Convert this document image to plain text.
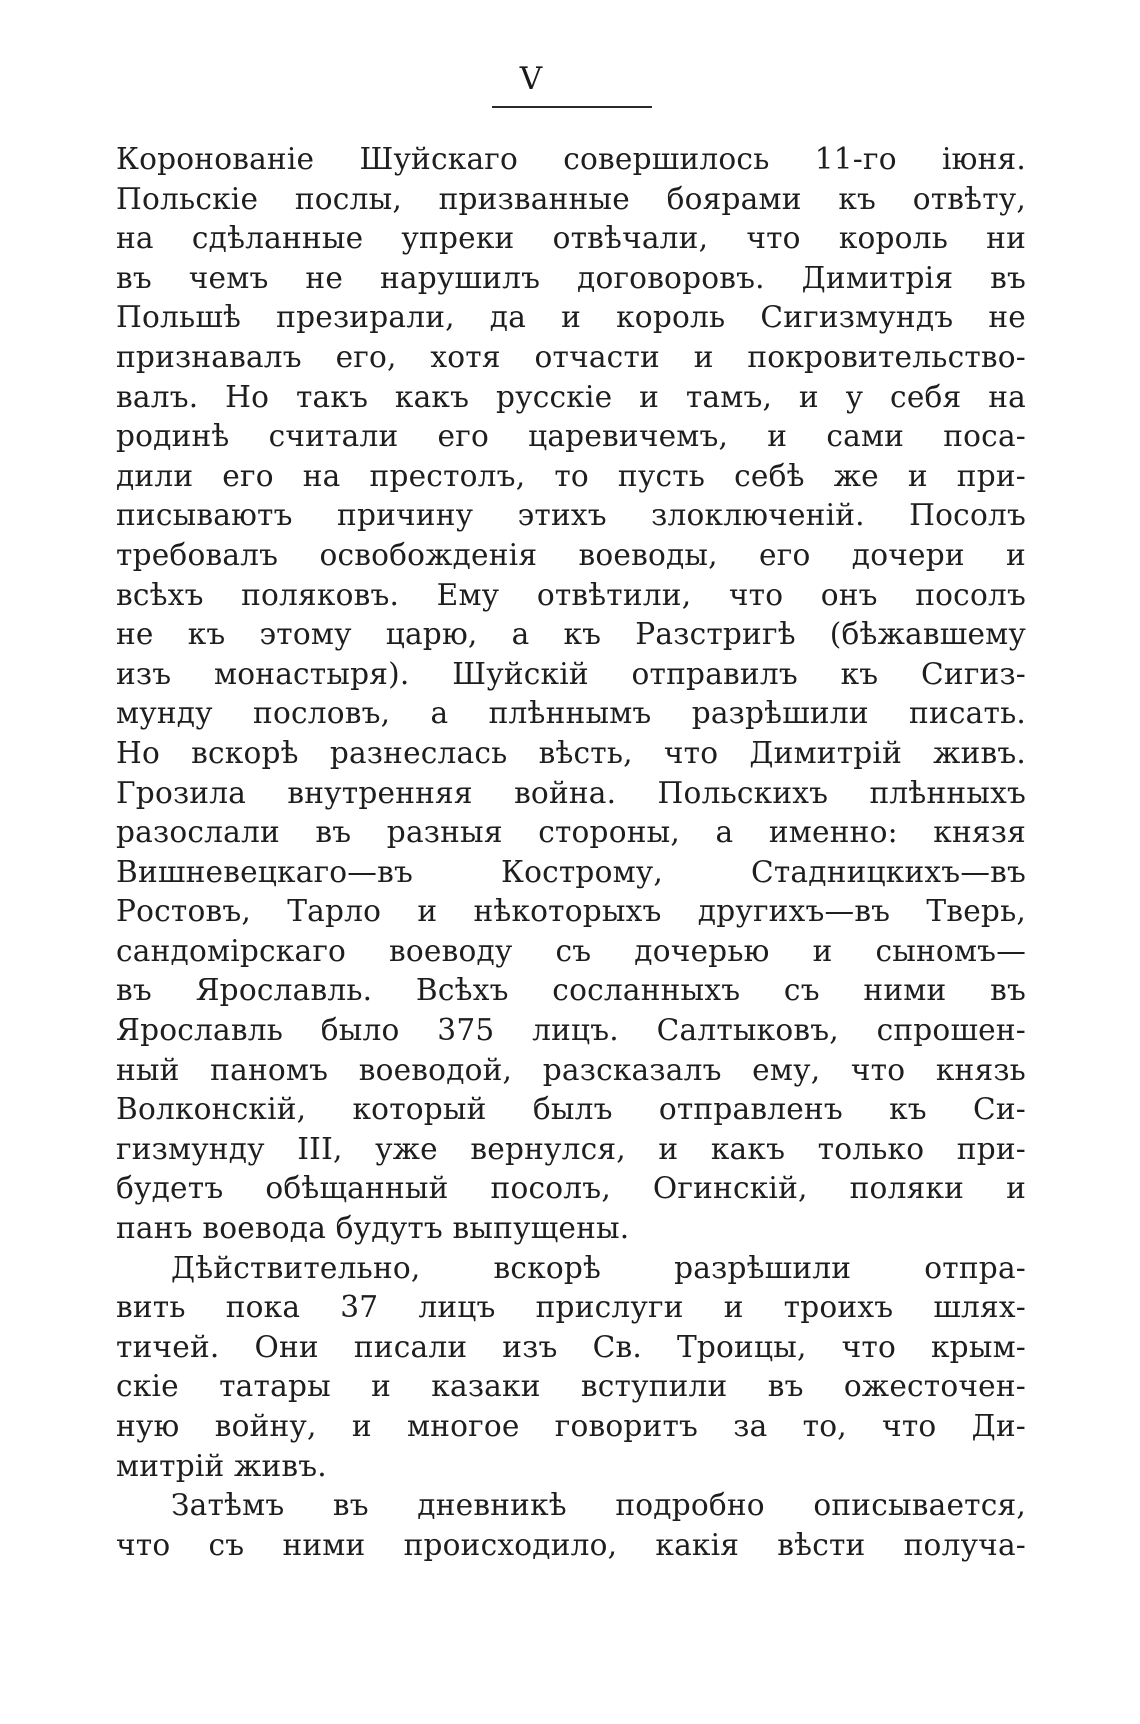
V
Коронованіе Шуйскаго совершилось 11-го іюня.
Польскіе послы, призванные боярами къ отвѣту,
на сдѣланные упреки отвѣчали, что король ни
въ чемъ не нарушилъ договоровъ. Димитрія въ
Польшѣ презирали, да и король Сигизмундъ не
признавалъ его, хотя отчасти и покровительство-
валъ. Но такъ какъ русскіе и тамъ, и у себя на
родинѣ считали его царевичемъ, и сами поса-
дили его на престолъ, то пусть себѣ же и при-
писываютъ причину этихъ злоключеній. Посолъ
требовалъ освобожденія воеводы, его дочери и
всѣхъ поляковъ. Ему отвѣтили, что онъ посолъ
не къ этому царю, а къ Разстригѣ (бѣжавшему
изъ монастыря). Шуйскій отправилъ къ Сигиз-
мунду пословъ, а плѣннымъ разрѣшили писать.
Но вскорѣ разнеслась вѣсть, что Димитрій живъ.
Грозила внутренняя война. Польскихъ плѣнныхъ
разослали въ разныя стороны, а именно: князя
Вишневецкаго—въ Кострому, Стадницкихъ—въ
Ростовъ, Тарло и нѣкоторыхъ другихъ—въ Тверь,
сандомірскаго воеводу съ дочерью и сыномъ—
въ Ярославль. Всѣхъ сосланныхъ съ ними въ
Ярославль было 375 лицъ. Салтыковъ, спрошен-
ный паномъ воеводой, разсказалъ ему, что князь
Волконскій, который былъ отправленъ къ Си-
гизмунду III, уже вернулся, и какъ только при-
будетъ обѣщанный посолъ, Огинскій, поляки и
панъ воевода будутъ выпущены.
Дѣйствительно, вскорѣ разрѣшили отпра-
вить пока 37 лицъ прислуги и троихъ шлях-
тичей. Они писали изъ Св. Троицы, что крым-
скіе татары и казаки вступили въ ожесточен-
ную войну, и многое говоритъ за то, что Ди-
митрій живъ.
Затѣмъ въ дневникѣ подробно описывается,
что съ ними происходило, какія вѣсти получа-
